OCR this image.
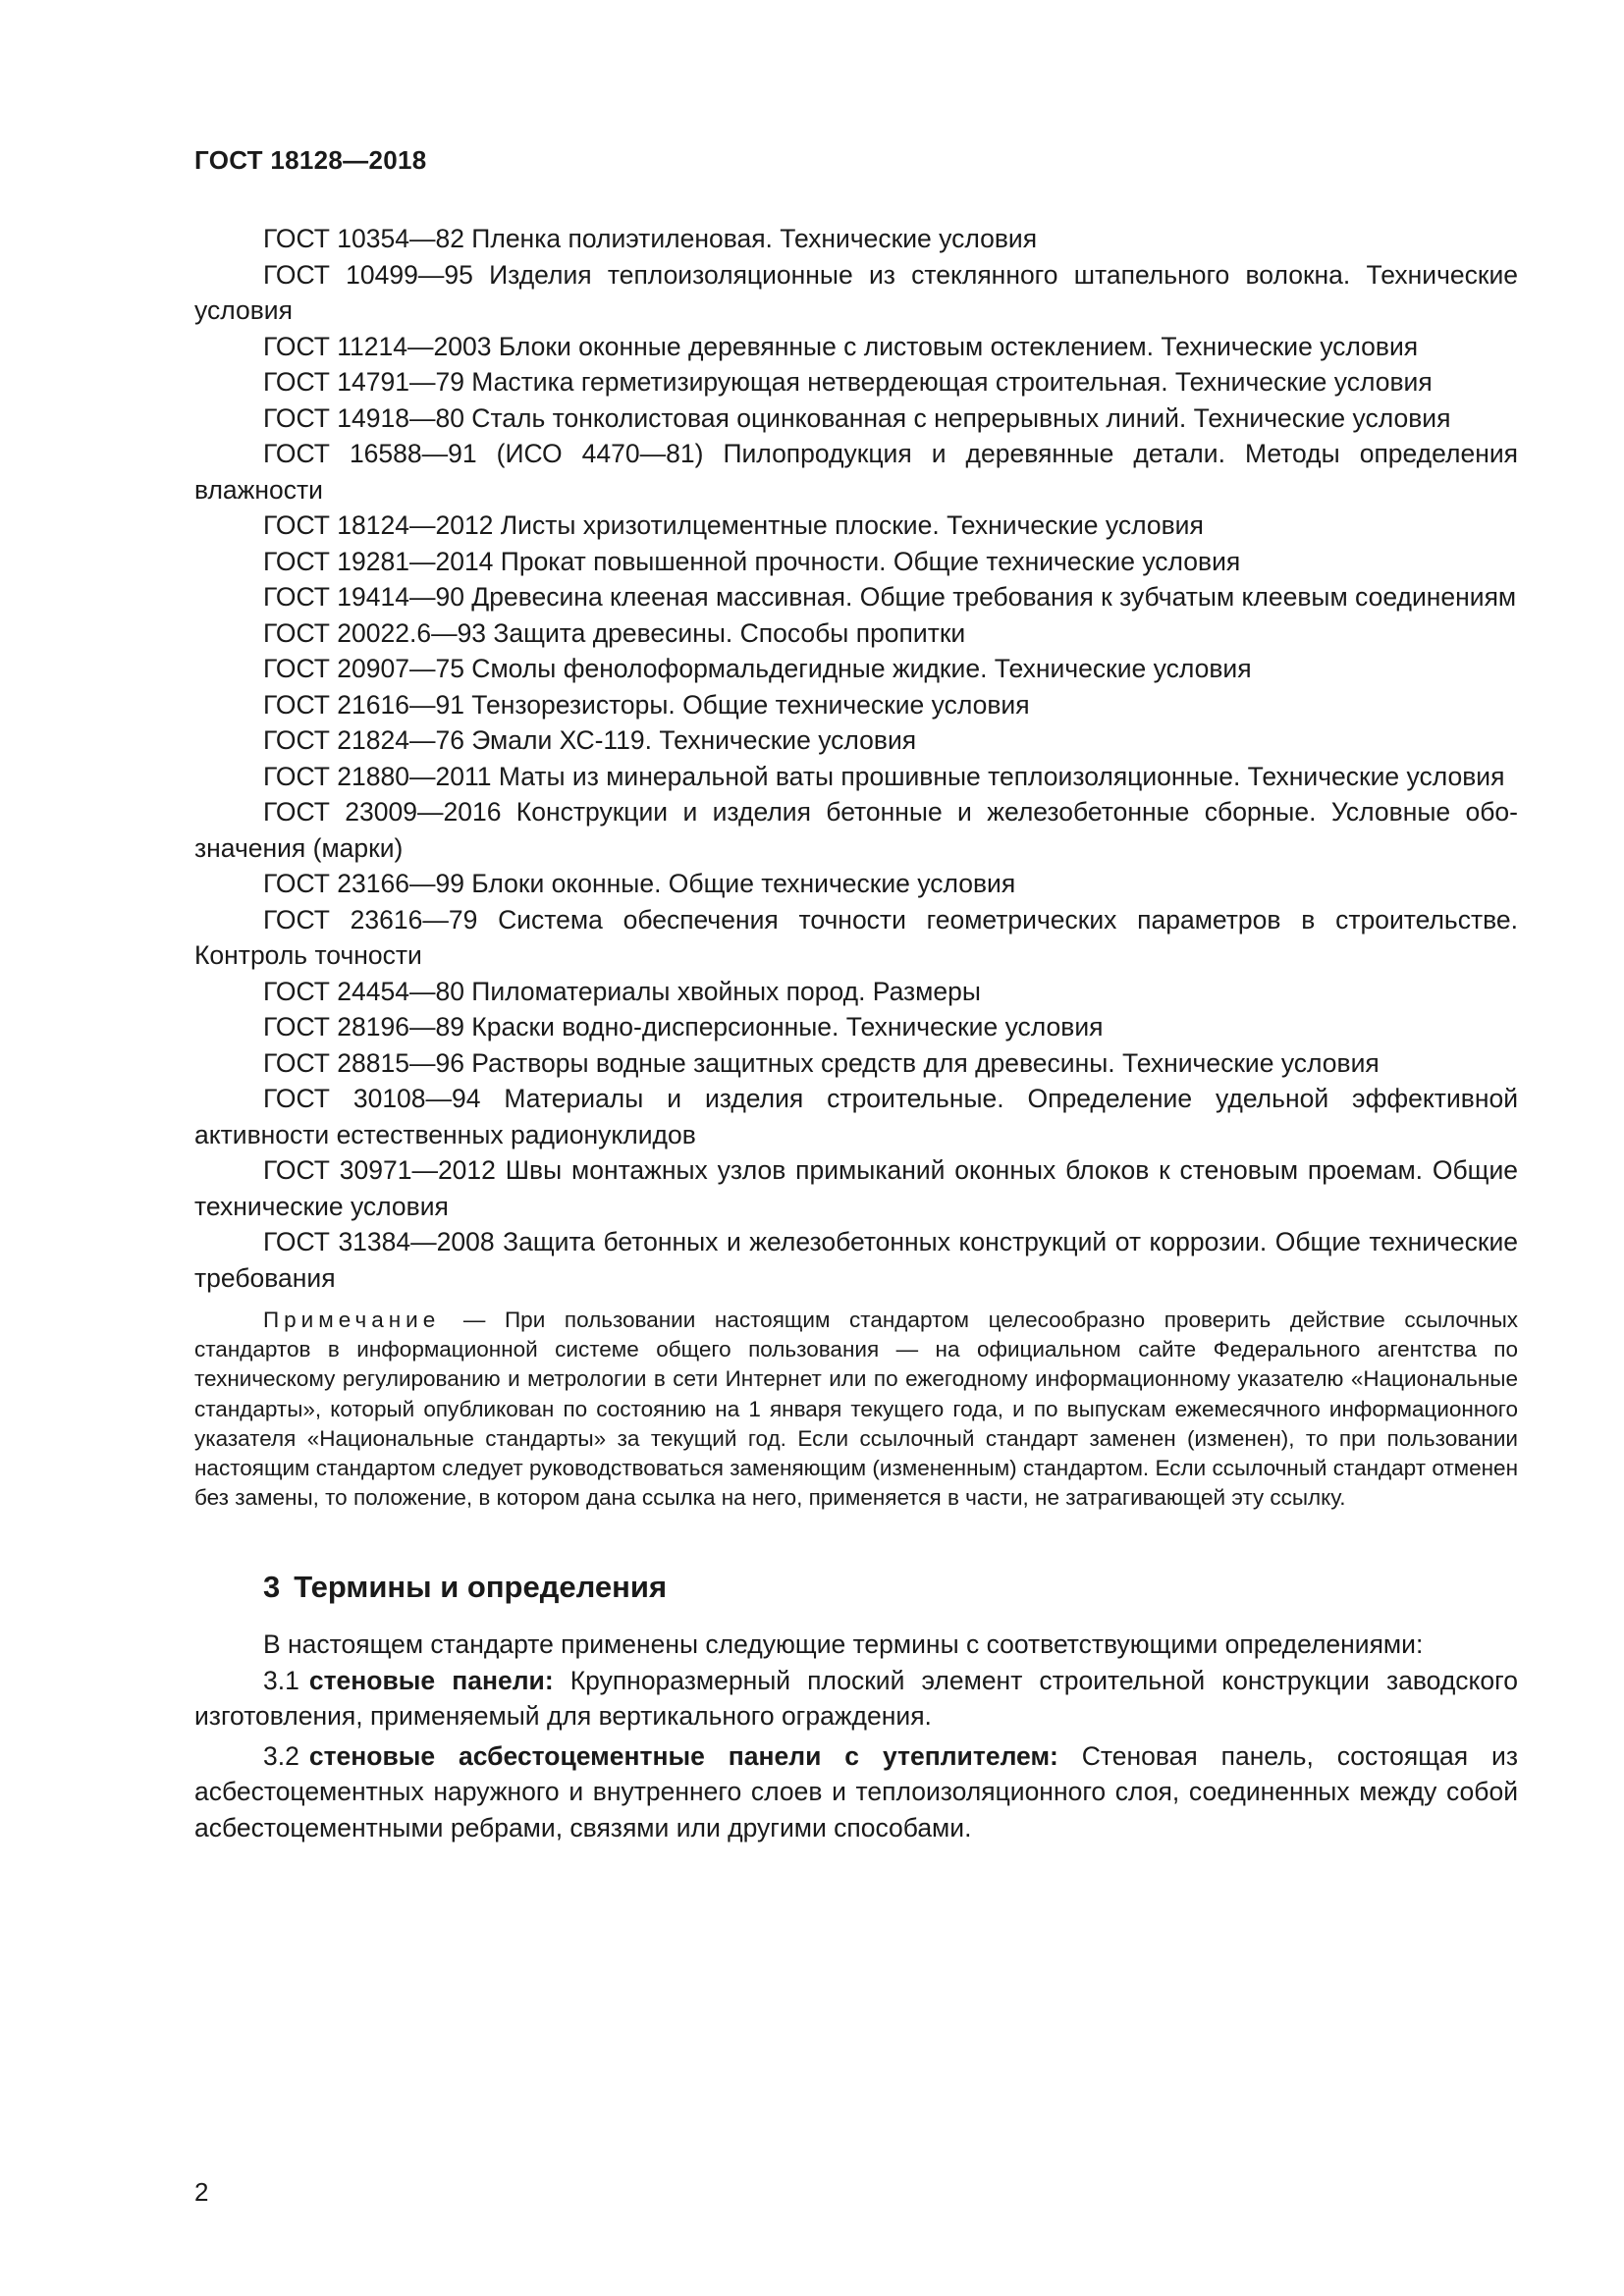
ГОСТ 18128—2018

ГОСТ 10354—82 Пленка полиэтиленовая. Технические условия

ГОСТ 10499—95 Изделия теплоизоляционные из стеклянного штапельного волокна. Технические условия

ГОСТ 11214—2003 Блоки оконные деревянные с листовым остеклением. Технические условия

ГОСТ 14791—79 Мастика герметизирующая нетвердеющая строительная. Технические условия

ГОСТ 14918—80 Сталь тонколистовая оцинкованная с непрерывных линий. Технические условия

ГОСТ 16588—91 (ИСО 4470—81) Пилопродукция и деревянные детали. Методы определения влажности

ГОСТ 18124—2012 Листы хризотилцементные плоские. Технические условия

ГОСТ 19281—2014 Прокат повышенной прочности. Общие технические условия

ГОСТ 19414—90 Древесина клееная массивная. Общие требования к зубчатым клеевым соединениям

ГОСТ 20022.6—93 Защита древесины. Способы пропитки

ГОСТ 20907—75 Смолы фенолоформальдегидные жидкие. Технические условия

ГОСТ 21616—91 Тензорезисторы. Общие технические условия

ГОСТ 21824—76 Эмали ХС-119. Технические условия

ГОСТ 21880—2011 Маты из минеральной ваты прошивные теплоизоляционные. Технические условия

ГОСТ 23009—2016 Конструкции и изделия бетонные и железобетонные сборные. Условные обозначения (марки)

ГОСТ 23166—99 Блоки оконные. Общие технические условия

ГОСТ 23616—79 Система обеспечения точности геометрических параметров в строительстве. Контроль точности

ГОСТ 24454—80 Пиломатериалы хвойных пород. Размеры

ГОСТ 28196—89 Краски водно-дисперсионные. Технические условия

ГОСТ 28815—96 Растворы водные защитных средств для древесины. Технические условия

ГОСТ 30108—94 Материалы и изделия строительные. Определение удельной эффективной активности естественных радионуклидов

ГОСТ 30971—2012 Швы монтажных узлов примыканий оконных блоков к стеновым проемам. Общие технические условия

ГОСТ 31384—2008 Защита бетонных и железобетонных конструкций от коррозии. Общие технические требования

Примечание — При пользовании настоящим стандартом целесообразно проверить действие ссылочных стандартов в информационной системе общего пользования — на официальном сайте Федерального агентства по техническому регулированию и метрологии в сети Интернет или по ежегодному информационному указателю «Национальные стандарты», который опубликован по состоянию на 1 января текущего года, и по выпускам ежемесячного информационного указателя «Национальные стандарты» за текущий год. Если ссылочный стандарт заменен (изменен), то при пользовании настоящим стандартом следует руководствоваться заменяющим (измененным) стандартом. Если ссылочный стандарт отменен без замены, то положение, в котором дана ссылка на него, применяется в части, не затрагивающей эту ссылку.

3 Термины и определения

В настоящем стандарте применены следующие термины с соответствующими определениями:

3.1 стеновые панели: Крупноразмерный плоский элемент строительной конструкции заводского изготовления, применяемый для вертикального ограждения.

3.2 стеновые асбестоцементные панели с утеплителем: Стеновая панель, состоящая из асбестоцементных наружного и внутреннего слоев и теплоизоляционного слоя, соединенных между собой асбестоцементными ребрами, связями или другими способами.

2
